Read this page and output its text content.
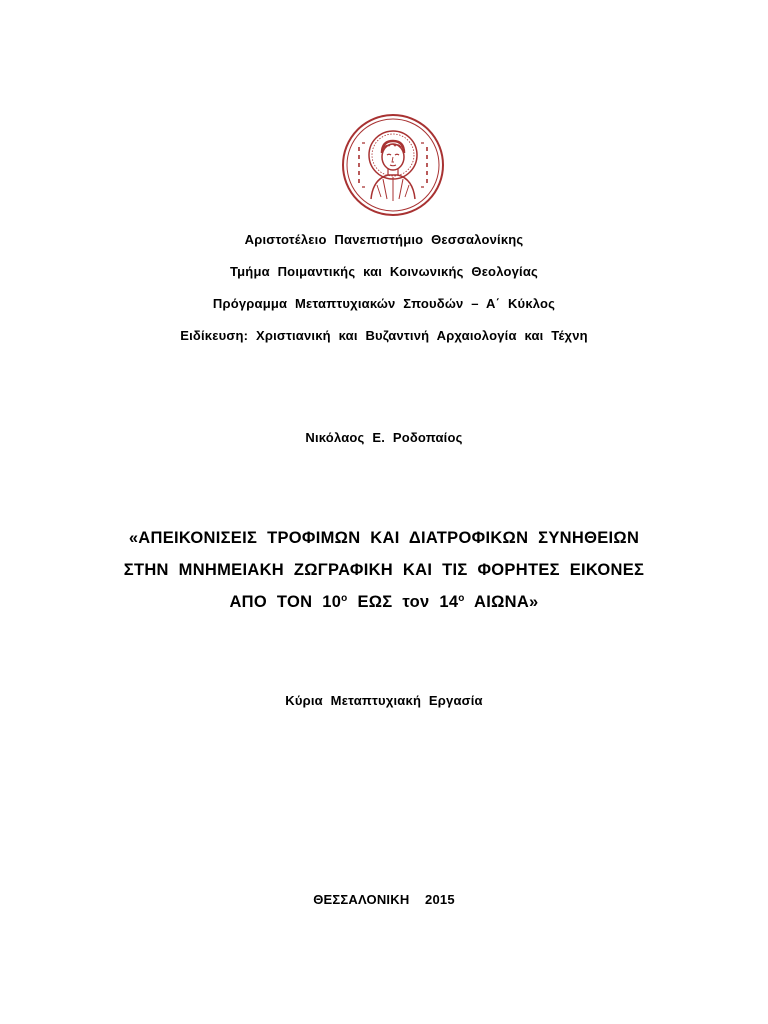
Αριστοτέλειο Πανεπιστήμιο Θεσσαλονίκης
Τμήμα Ποιμαντικής και Κοινωνικής Θεολογίας
Πρόγραμμα Μεταπτυχιακών Σπουδών – Α΄ Κύκλος
Ειδίκευση: Χριστιανική και Βυζαντινή Αρχαιολογία και Τέχνη
Νικόλαος Ε. Ροδοπαίος
«ΑΠΕΙΚΟΝΙΣΕΙΣ ΤΡΟΦΙΜΩΝ ΚΑΙ ΔΙΑΤΡΟΦΙΚΩΝ ΣΥΝΗΘΕΙΩΝ
ΣΤΗΝ ΜΝΗΜΕΙΑΚΗ ΖΩΓΡΑΦΙΚΗ ΚΑΙ ΤΙΣ ΦΟΡΗΤΕΣ ΕΙΚΟΝΕΣ
ΑΠΟ ΤΟΝ $10^o$ ΕΩΣ τον $14^o$ ΑΙΩΝΑ»
Κύρια Μεταπτυχιακή Εργασία
ΘΕΣΣΑΛΟΝΙΚΗ  2015
